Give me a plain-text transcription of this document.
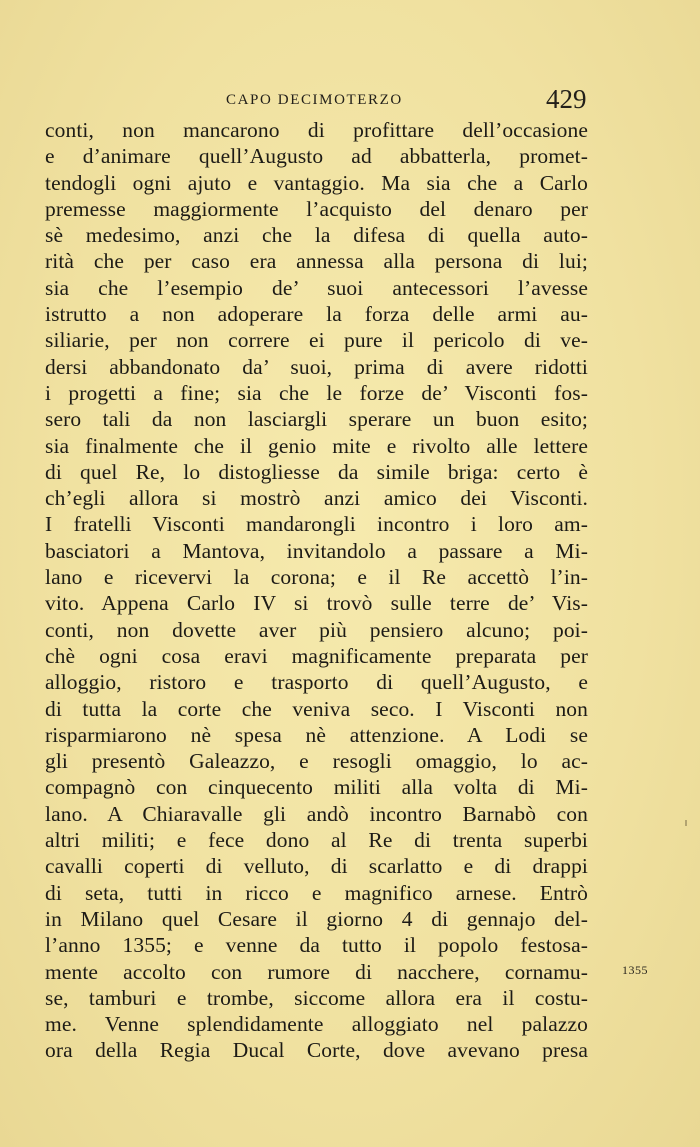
CAPO DECIMOTERZO	429
conti, non mancarono di profittare dell’occasione
e d’animare quell’Augusto ad abbatterla, promet-
tendogli ogni ajuto e vantaggio. Ma sia che a Carlo
premesse maggiormente l’acquisto del denaro per
sè medesimo, anzi che la difesa di quella auto-
rità che per caso era annessa alla persona di lui;
sia che l’esempio de’ suoi antecessori l’avesse
istrutto a non adoperare la forza delle armi au-
siliarie, per non correre ei pure il pericolo di ve-
dersi abbandonato da’ suoi, prima di avere ridotti
i progetti a fine; sia che le forze de’ Visconti fos-
sero tali da non lasciargli sperare un buon esito;
sia finalmente che il genio mite e rivolto alle lettere
di quel Re, lo distogliesse da simile briga: certo è
ch’egli allora si mostrò anzi amico dei Visconti.
I fratelli Visconti mandarongli incontro i loro am-
basciatori a Mantova, invitandolo a passare a Mi-
lano e ricevervi la corona; e il Re accettò l’in-
vito. Appena Carlo IV si trovò sulle terre de’ Vis-
conti, non dovette aver più pensiero alcuno; poi-
chè ogni cosa eravi magnificamente preparata per
alloggio, ristoro e trasporto di quell’Augusto, e
di tutta la corte che veniva seco. I Visconti non
risparmiarono nè spesa nè attenzione. A Lodi se
gli presentò Galeazzo, e resogli omaggio, lo ac-
compagnò con cinquecento militi alla volta di Mi-
lano. A Chiaravalle gli andò incontro Barnabò con
altri militi; e fece dono al Re di trenta superbi
cavalli coperti di velluto, di scarlatto e di drappi
di seta, tutti in ricco e magnifico arnese. Entrò
in Milano quel Cesare il giorno 4 di gennajo del-
l’anno 1355; e venne da tutto il popolo festosa-
mente accolto con rumore di nacchere, cornamu-
se, tamburi e trombe, siccome allora era il costu-
me. Venne splendidamente alloggiato nel palazzo
ora della Regia Ducal Corte, dove avevano presa
1355
